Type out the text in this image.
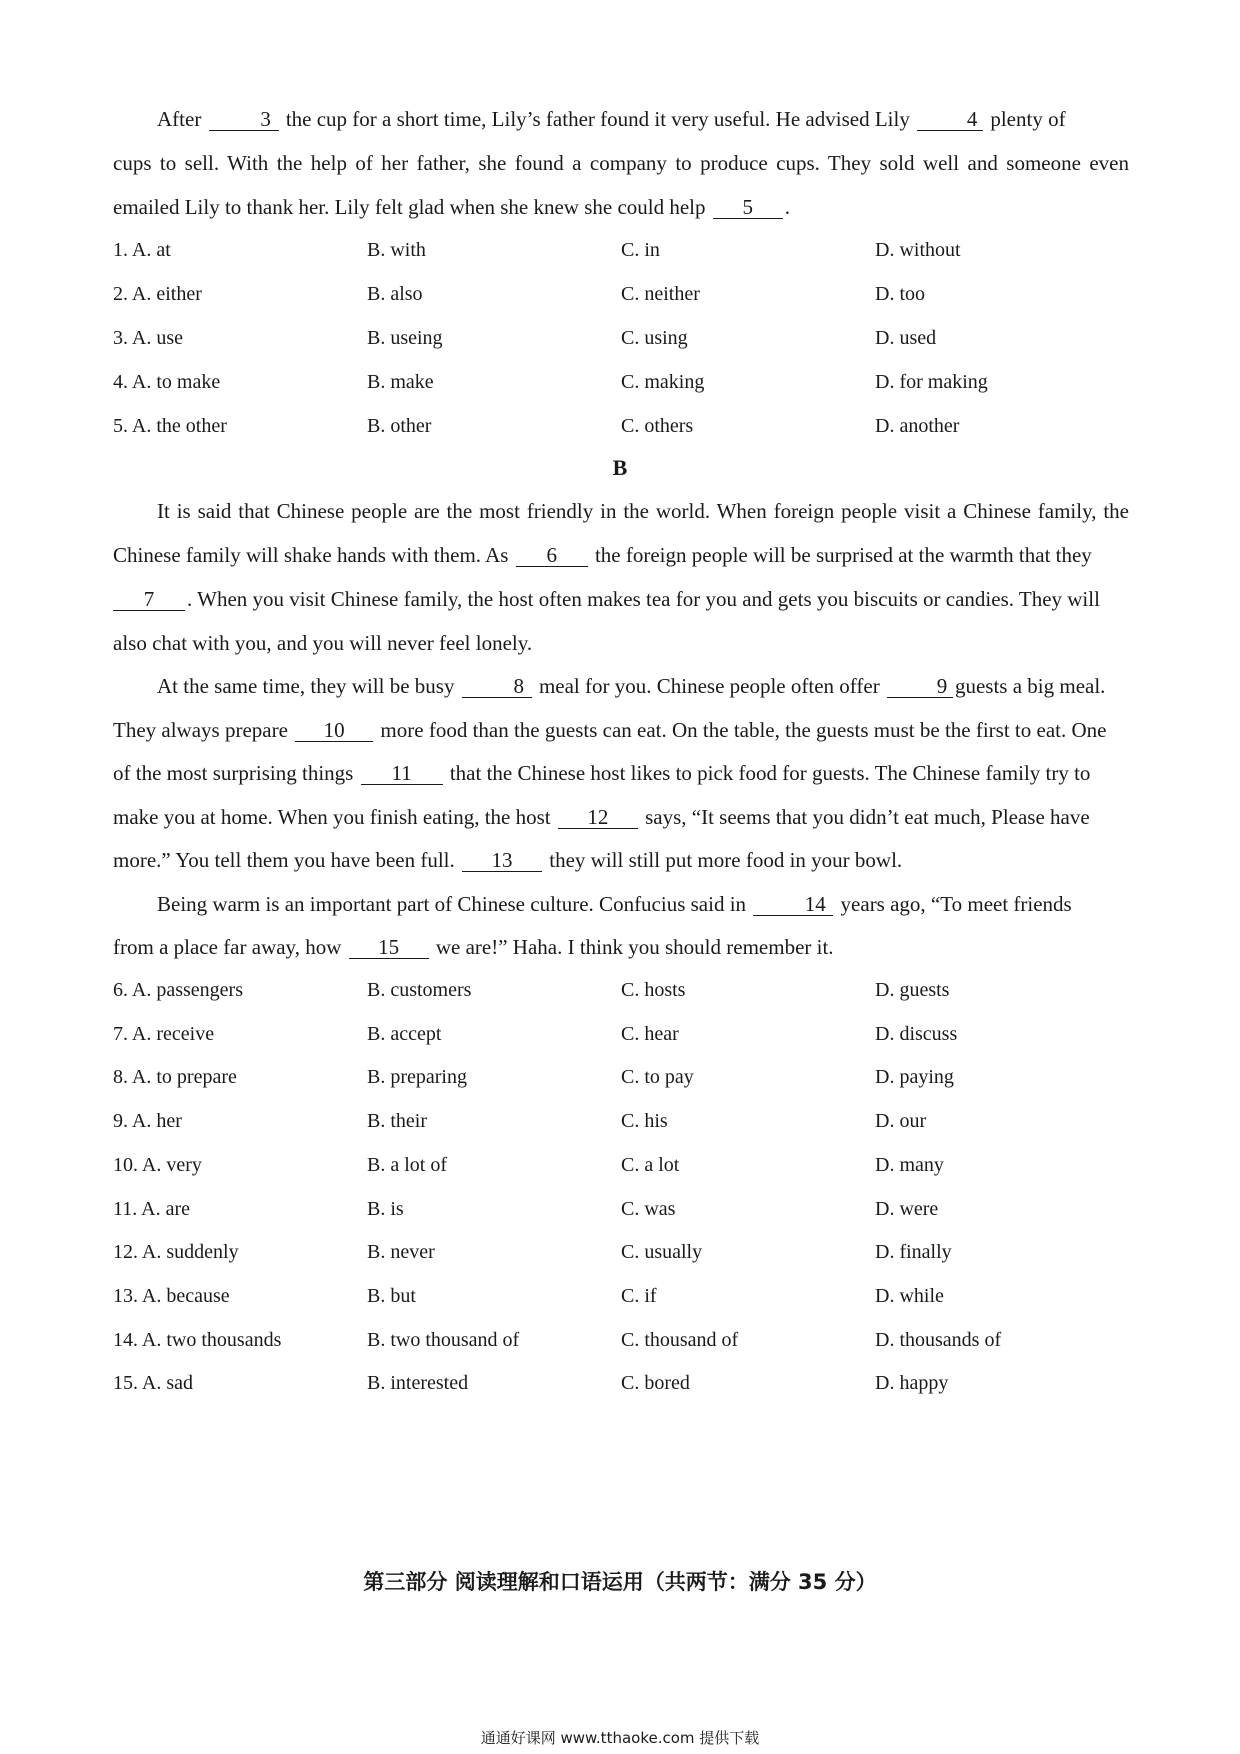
After	3 the cup for a short time, Lily’s father found it very useful. He advised Lily	4 plenty of
cups to sell. With the help of her father, she found a company to produce cups. They sold well and someone even
emailed Lily to thank her. Lily felt glad when she knew she could help 5 .
1. A. at	B. with	C. in	D. without
2. A. either	B. also	C. neither	D. too
3. A. use	B. useing	C. using	D. used
4. A. to make	B. make	C. making	D. for making
5. A. the other	B. other	C. others	D. another
B
It is said that Chinese people are the most friendly in the world. When foreign people visit a Chinese family, the
Chinese family will shake hands with them. As 6 the foreign people will be surprised at the warmth that they
7 . When you visit Chinese family, the host often makes tea for you and gets you biscuits or candies. They will
also chat with you, and you will never feel lonely.
At the same time, they will be busy	8 meal for you. Chinese people often offer	9 guests a big meal.
They always prepare 10 more food than the guests can eat. On the table, the guests must be the first to eat. One
of the most surprising things 11 that the Chinese host likes to pick food for guests. The Chinese family try to
make you at home. When you finish eating, the host 12 says, “It seems that you didn’t eat much, Please have
more.” You tell them you have been full. 13 they will still put more food in your bowl.
Being warm is an important part of Chinese culture. Confucius said in	14 years ago, “To meet friends
from a place far away, how 15 we are!” Haha. I think you should remember it.
6. A. passengers	B. customers	C. hosts	D. guests
7. A. receive	B. accept	C. hear	D. discuss
8. A. to prepare	B. preparing	C. to pay	D. paying
9. A. her	B. their	C. his	D. our
10. A. very	B. a lot of	C. a lot	D. many
11. A. are	B. is	C. was	D. were
12. A. suddenly	B. never	C. usually	D. finally
13. A. because	B. but	C. if	D. while
14. A. two thousands	B. two thousand of	C. thousand of	D. thousands of
15. A. sad	B. interested	C. bored	D. happy
第三部分 阅读理解和口语运用（共两节：满分 35 分）
通通好课网 www.tthaoke.com 提供下载
